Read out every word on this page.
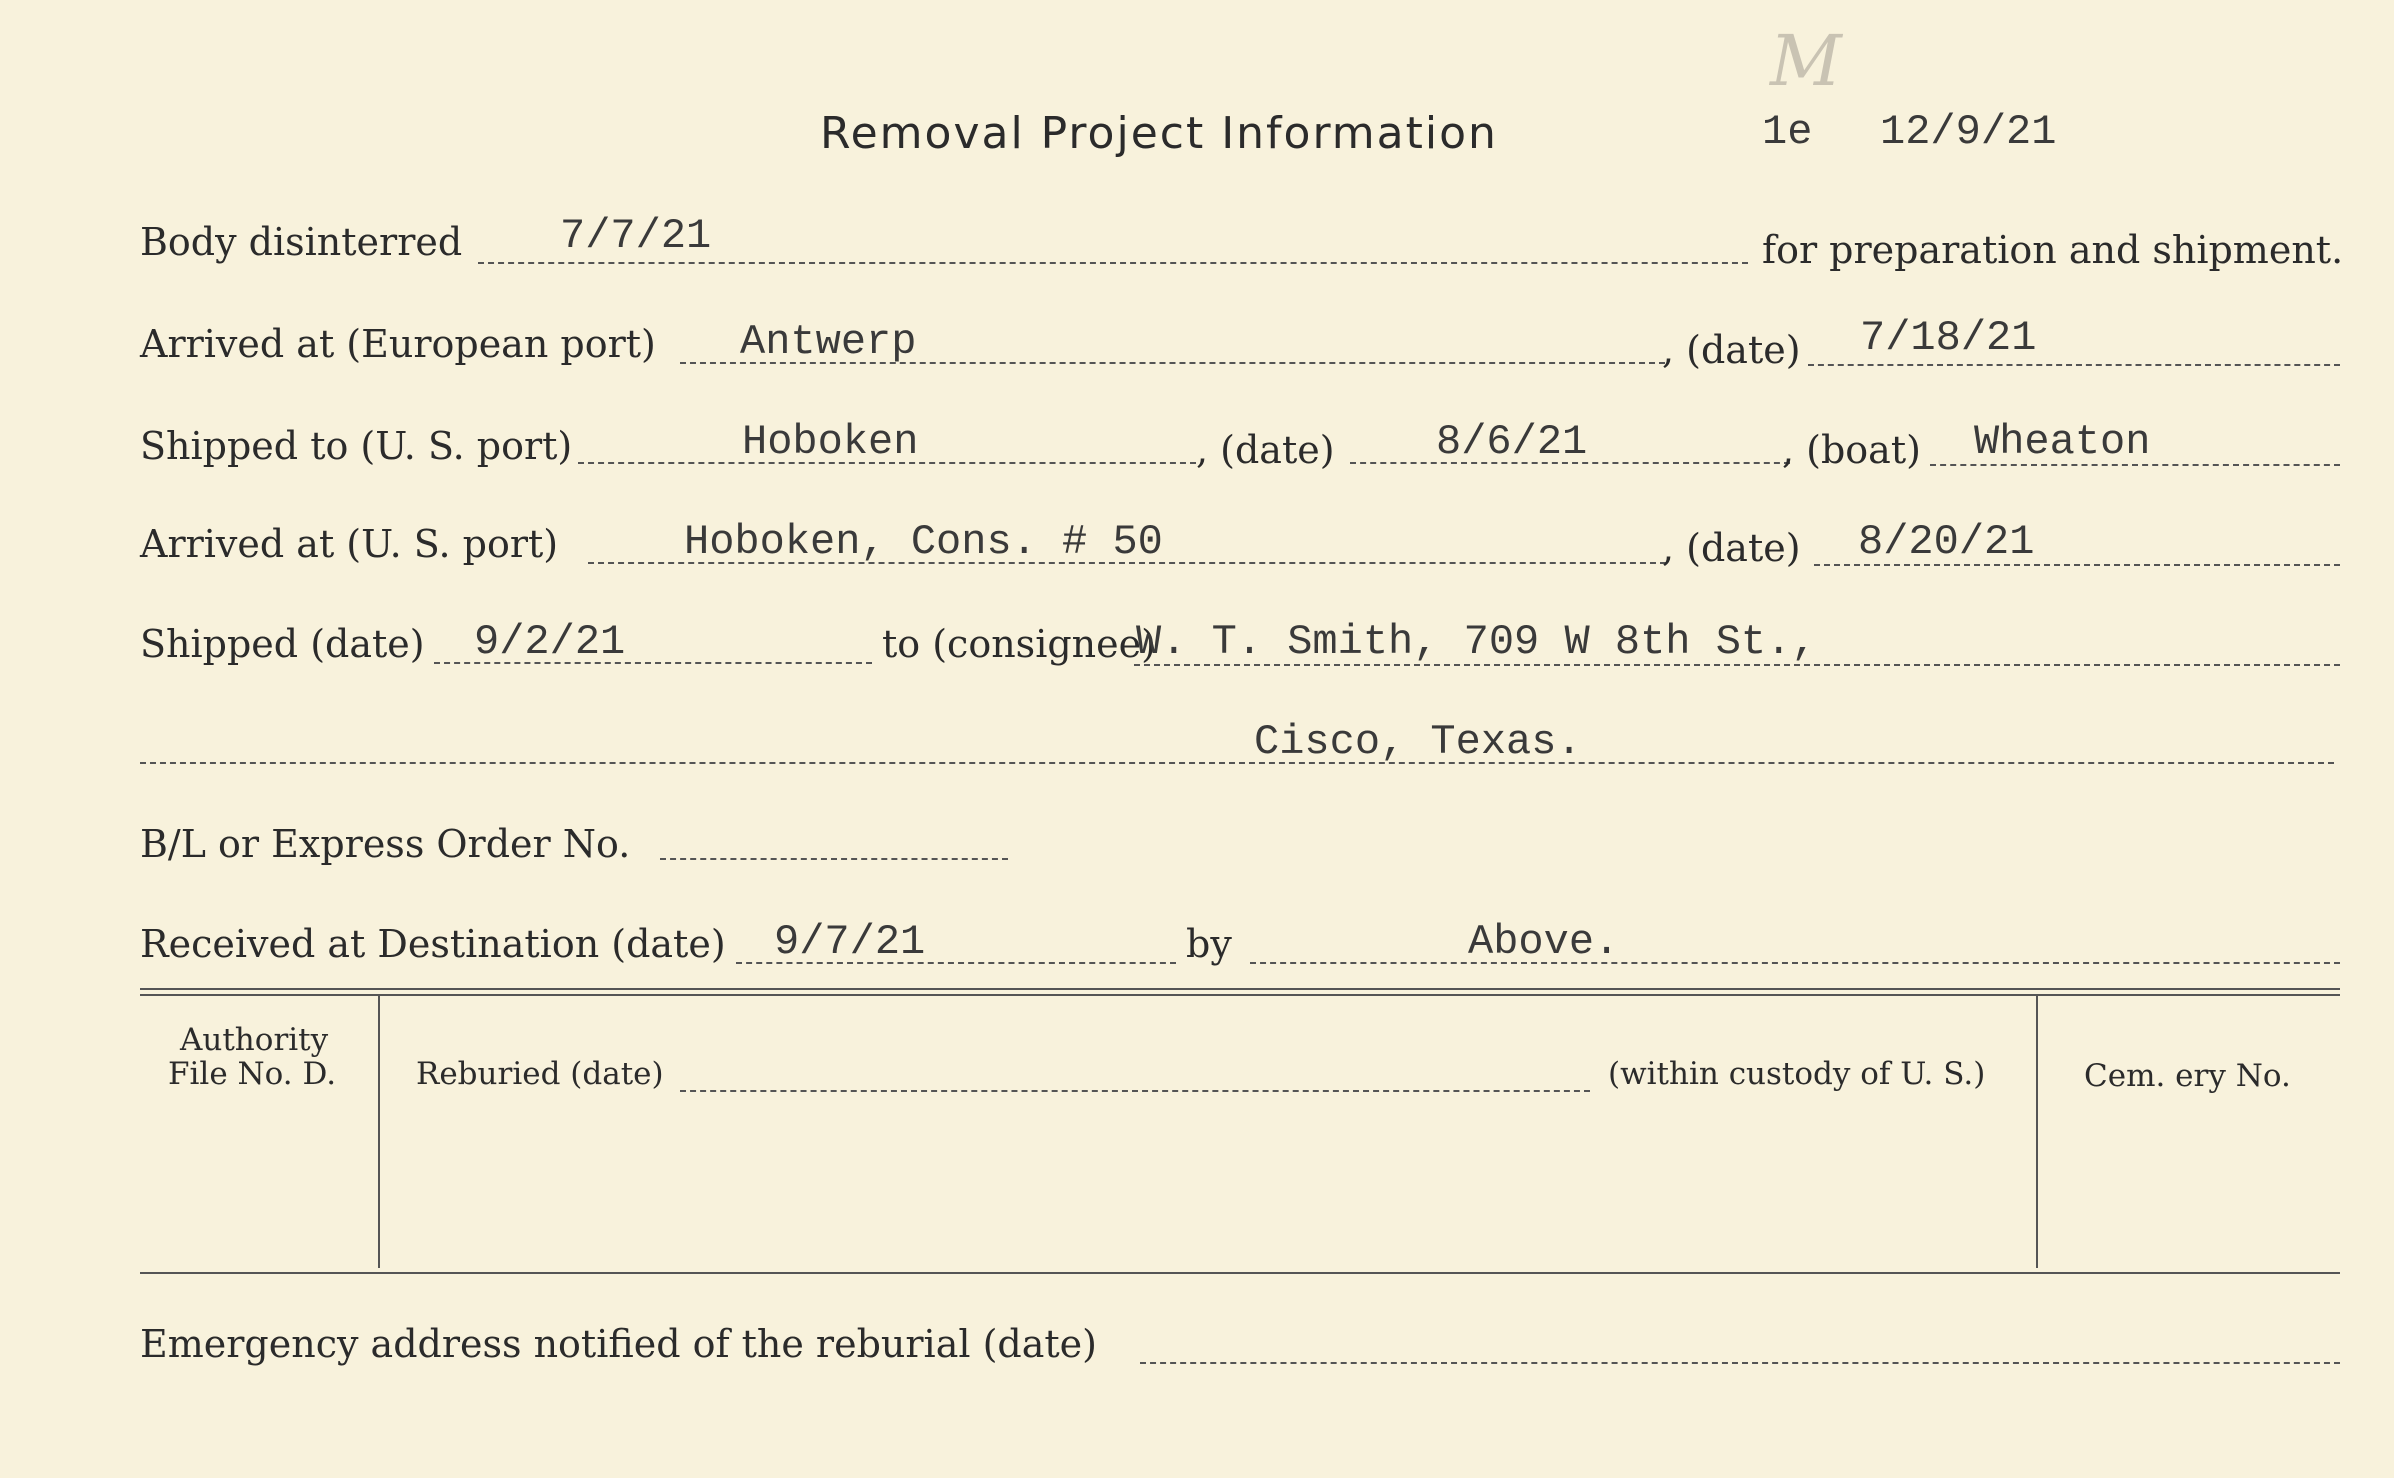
M
Removal Project Information	1e 12/9/21
Body disinterred 7/7/21	for preparation and shipment.
Arrived at (European port) Antwerp	, (date) 7/18/21
Shipped to (U. S. port)	Hoboken	, (date) 8/6/21	, (boat) Wheaton
Arrived at (U. S. port)	Hoboken, Cons. # 50	, (date) 8/20/21
Shipped (date) 9/2/21	to (consignee)
W. T. Smith, 709 W 8th St.,
Cisco, Texas.
B/L or Express Order No.
Received at Destination (date) 9/7/21	by	Above.
Authority
File No. D.	Reburied (date)	(within custody of U. S.)	Cem. ery No.
Emergency address notified of the reburial (date)
